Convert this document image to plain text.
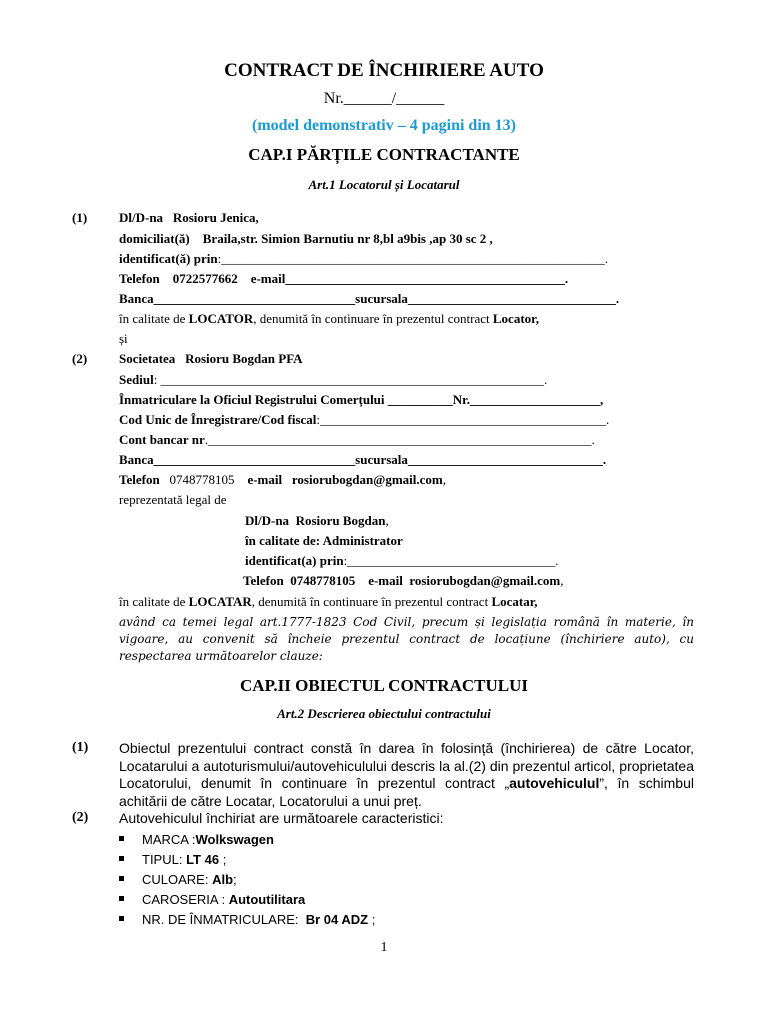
CONTRACT DE ÎNCHIRIERE AUTO
Nr.______/______
(model demonstrativ – 4 pagini din 13)
CAP.I PĂRȚILE CONTRACTANTE
Art.1 Locatorul și Locatarul
(1) Dl/D-na Rosioru Jenica,
domiciliat(ă) Braila,str. Simion Barnutiu nr 8,bl a9bis ,ap 30 sc 2 ,
identificat(ă) prin:___________________________________________________________.
Telefon 0722577662 e-mail___________________________________________.
Banca_______________________________sucursala________________________________.
în calitate de LOCATOR, denumită în continuare în prezentul contract Locator,
și
(2) Societatea Rosioru Bogdan PFA
Sediul: ___________________________________________________________.
Înmatriculare la Oficiul Registrului Comerțului __________Nr.____________________,
Cod Unic de Înregistrare/Cod fiscal:____________________________________________.
Cont bancar nr.___________________________________________________________.
Banca_______________________________sucursala______________________________.
Telefon 0748778105 e-mail rosiorubogdan@gmail.com,
reprezentată legal de
Dl/D-na Rosioru Bogdan,
în calitate de: Administrator
identificat(a) prin:________________________________.
Telefon  0748778105    e-mail  rosiorubogdan@gmail.com,
în calitate de LOCATAR, denumită în continuare în prezentul contract Locatar,
având ca temei legal art.1777-1823 Cod Civil, precum și legislația română în materie, în vigoare, au convenit să încheie prezentul contract de locațiune (închiriere auto), cu respectarea următoarelor clauze:
CAP.II OBIECTUL CONTRACTULUI
Art.2 Descrierea obiectului contractului
(1) Obiectul prezentului contract constă în darea în folosință (închirierea) de către Locator, Locatarului a autoturismului/autovehiculului descris la al.(2) din prezentul articol, proprietatea Locatorului, denumit în continuare în prezentul contract „autovehiculul”, în schimbul achitării de către Locatar, Locatorului a unui preț.
(2) Autovehiculul închiriat are următoarele caracteristici:
MARCA :Wolkswagen
TIPUL: LT 46 ;
CULOARE: Alb;
CAROSERIA : Autoutilitara
NR. DE ÎNMATRICULARE:  Br 04 ADZ ;
1
